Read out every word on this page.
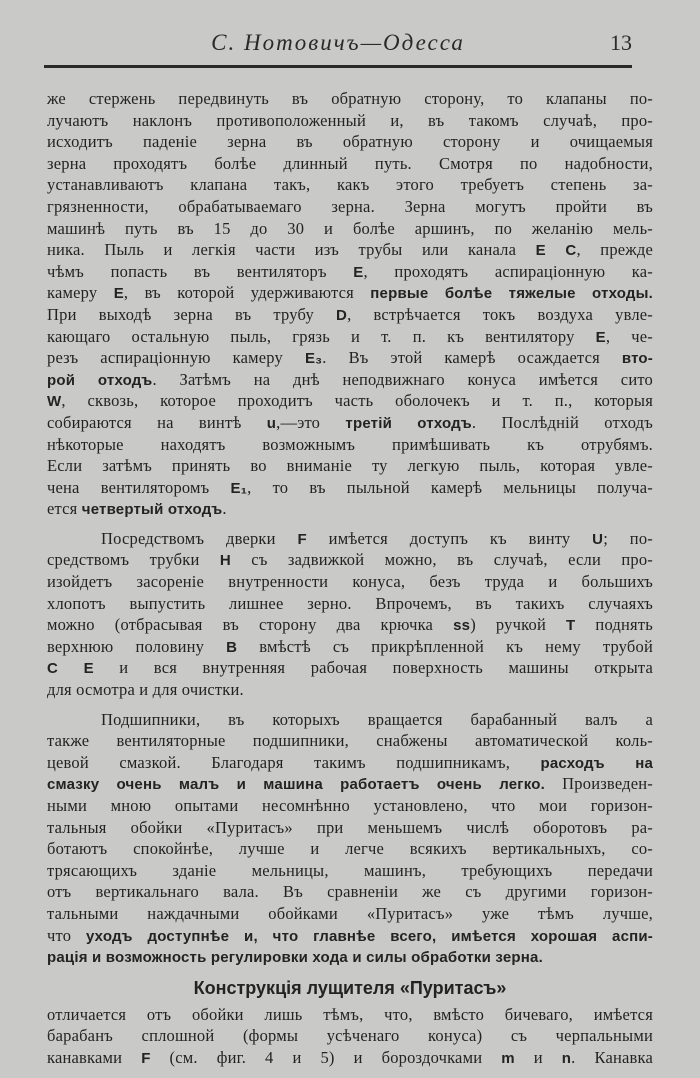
С. Нотовичъ—Одесса	13
же стержень передвинуть въ обратную сторону, то клапаны по-
лучаютъ наклонъ противоположенный и, въ такомъ случаѣ, про-
исходитъ паденіе зерна въ обратную сторону и очищаемыя
зерна проходятъ болѣе длинный путь. Смотря по надобности,
устанавливаютъ клапана такъ, какъ этого требуетъ степень за-
грязненности, обрабатываемаго зерна. Зерна могутъ пройти въ
машинѣ путь въ 15 до 30 и болѣе аршинъ, по желанію мель-
ника. Пыль и легкія части изъ трубы или канала E C, прежде
чѣмъ попасть въ вентиляторъ E, проходятъ аспираціонную ка-
камеру E, въ которой удерживаются первые болѣе тяжелые отходы.
При выходѣ зерна въ трубу D, встрѣчается токъ воздуха увле-
кающаго остальную пыль, грязь и т. п. къ вентилятору E, че-
резъ аспираціонную камеру E₃. Въ этой камерѣ осаждается вто-
рой отходъ. Затѣмъ на днѣ неподвижнаго конуса имѣется сито
W, сквозь, которое проходитъ часть оболочекъ и т. п., которыя
собираются на винтѣ u,—это третій отходъ. Послѣдній отходъ
нѣкоторые находятъ возможнымъ примѣшивать къ отрубямъ.
Если затѣмъ принять во вниманіе ту легкую пыль, которая увле-
чена вентиляторомъ E₁, то въ пыльной камерѣ мельницы получа-
ется четвертый отходъ.
Посредствомъ дверки F имѣется доступъ къ винту U; по-
средствомъ трубки H съ задвижкой можно, въ случаѣ, если про-
изойдетъ засореніе внутренности конуса, безъ труда и большихъ
хлопотъ выпустить лишнее зерно. Впрочемъ, въ такихъ случаяхъ
можно (отбрасывая въ сторону два крючка ss) ручкой T поднять
верхнюю половину B вмѣстѣ съ прикрѣпленной къ нему трубой
C E и вся внутренняя рабочая поверхность машины открыта
для осмотра и для очистки.
Подшипники, въ которыхъ вращается барабанный валъ а
также вентиляторные подшипники, снабжены автоматической коль-
цевой смазкой. Благодаря такимъ подшипникамъ, расходъ на
смазку очень малъ и машина работаетъ очень легко. Произведен-
ными мною опытами несомнѣнно установлено, что мои горизон-
тальныя обойки «Пуритасъ» при меньшемъ числѣ оборотовъ ра-
ботаютъ спокойнѣе, лучше и легче всякихъ вертикальныхъ, со-
трясающихъ зданіе мельницы, машинъ, требующихъ передачи
отъ вертикальнаго вала. Въ сравненіи же съ другими горизон-
тальными наждачными обойками «Пуритасъ» уже тѣмъ лучше,
что уходъ доступнѣе и, что главнѣе всего, имѣется хорошая аспи-
рація и возможность регулировки хода и силы обработки зерна.
Конструкція лущителя «Пуритасъ»
отличается отъ обойки лишь тѣмъ, что, вмѣсто бичеваго, имѣется
барабанъ сплошной (формы усѣченаго конуса) съ черпальными
канавками F (см. фиг. 4 и 5) и бороздочками m и n. Канавка
